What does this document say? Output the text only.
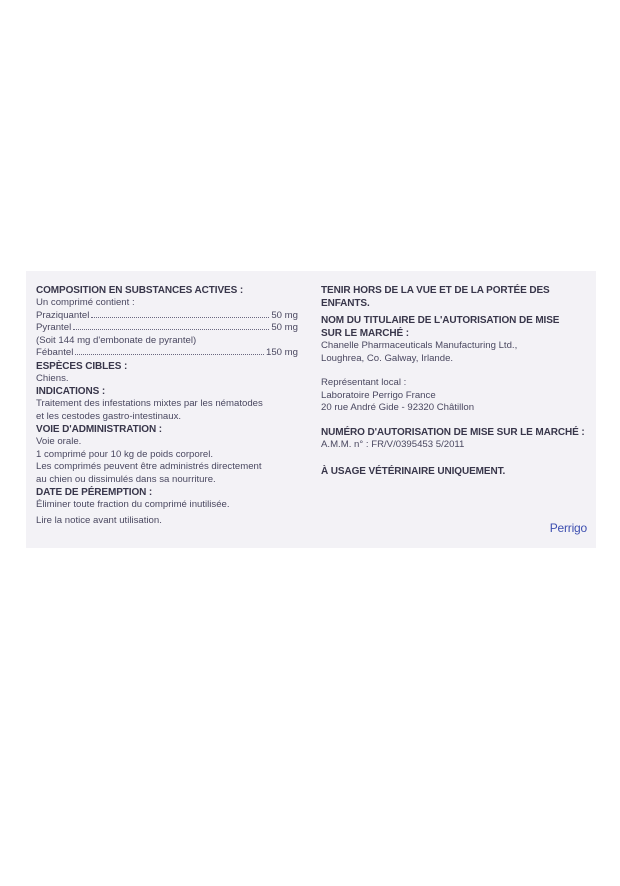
COMPOSITION EN SUBSTANCES ACTIVES :
Un comprimé contient :
Praziquantel	50 mg
Pyrantel	50 mg
(Soit 144 mg d'embonate de pyrantel)
Fébantel	150 mg
ESPÈCES CIBLES :
Chiens.
INDICATIONS :
Traitement des infestations mixtes par les nématodes
et les cestodes gastro-intestinaux.
VOIE D'ADMINISTRATION :
Voie orale.
1 comprimé pour 10 kg de poids corporel.
Les comprimés peuvent être administrés directement
au chien ou dissimulés dans sa nourriture.
DATE DE PÉREMPTION :
Éliminer toute fraction du comprimé inutilisée.
Lire la notice avant utilisation.
TENIR HORS DE LA VUE ET DE LA PORTÉE DES ENFANTS.
NOM DU TITULAIRE DE L'AUTORISATION DE MISE
SUR LE MARCHÉ :
Chanelle Pharmaceuticals Manufacturing Ltd.,
Loughrea, Co. Galway, Irlande.
Représentant local :
Laboratoire Perrigo France
20 rue André Gide - 92320 Châtillon
NUMÉRO D'AUTORISATION DE MISE SUR LE MARCHÉ :
A.M.M. n° : FR/V/0395453 5/2011
À USAGE VÉTÉRINAIRE UNIQUEMENT.
Perrigo
